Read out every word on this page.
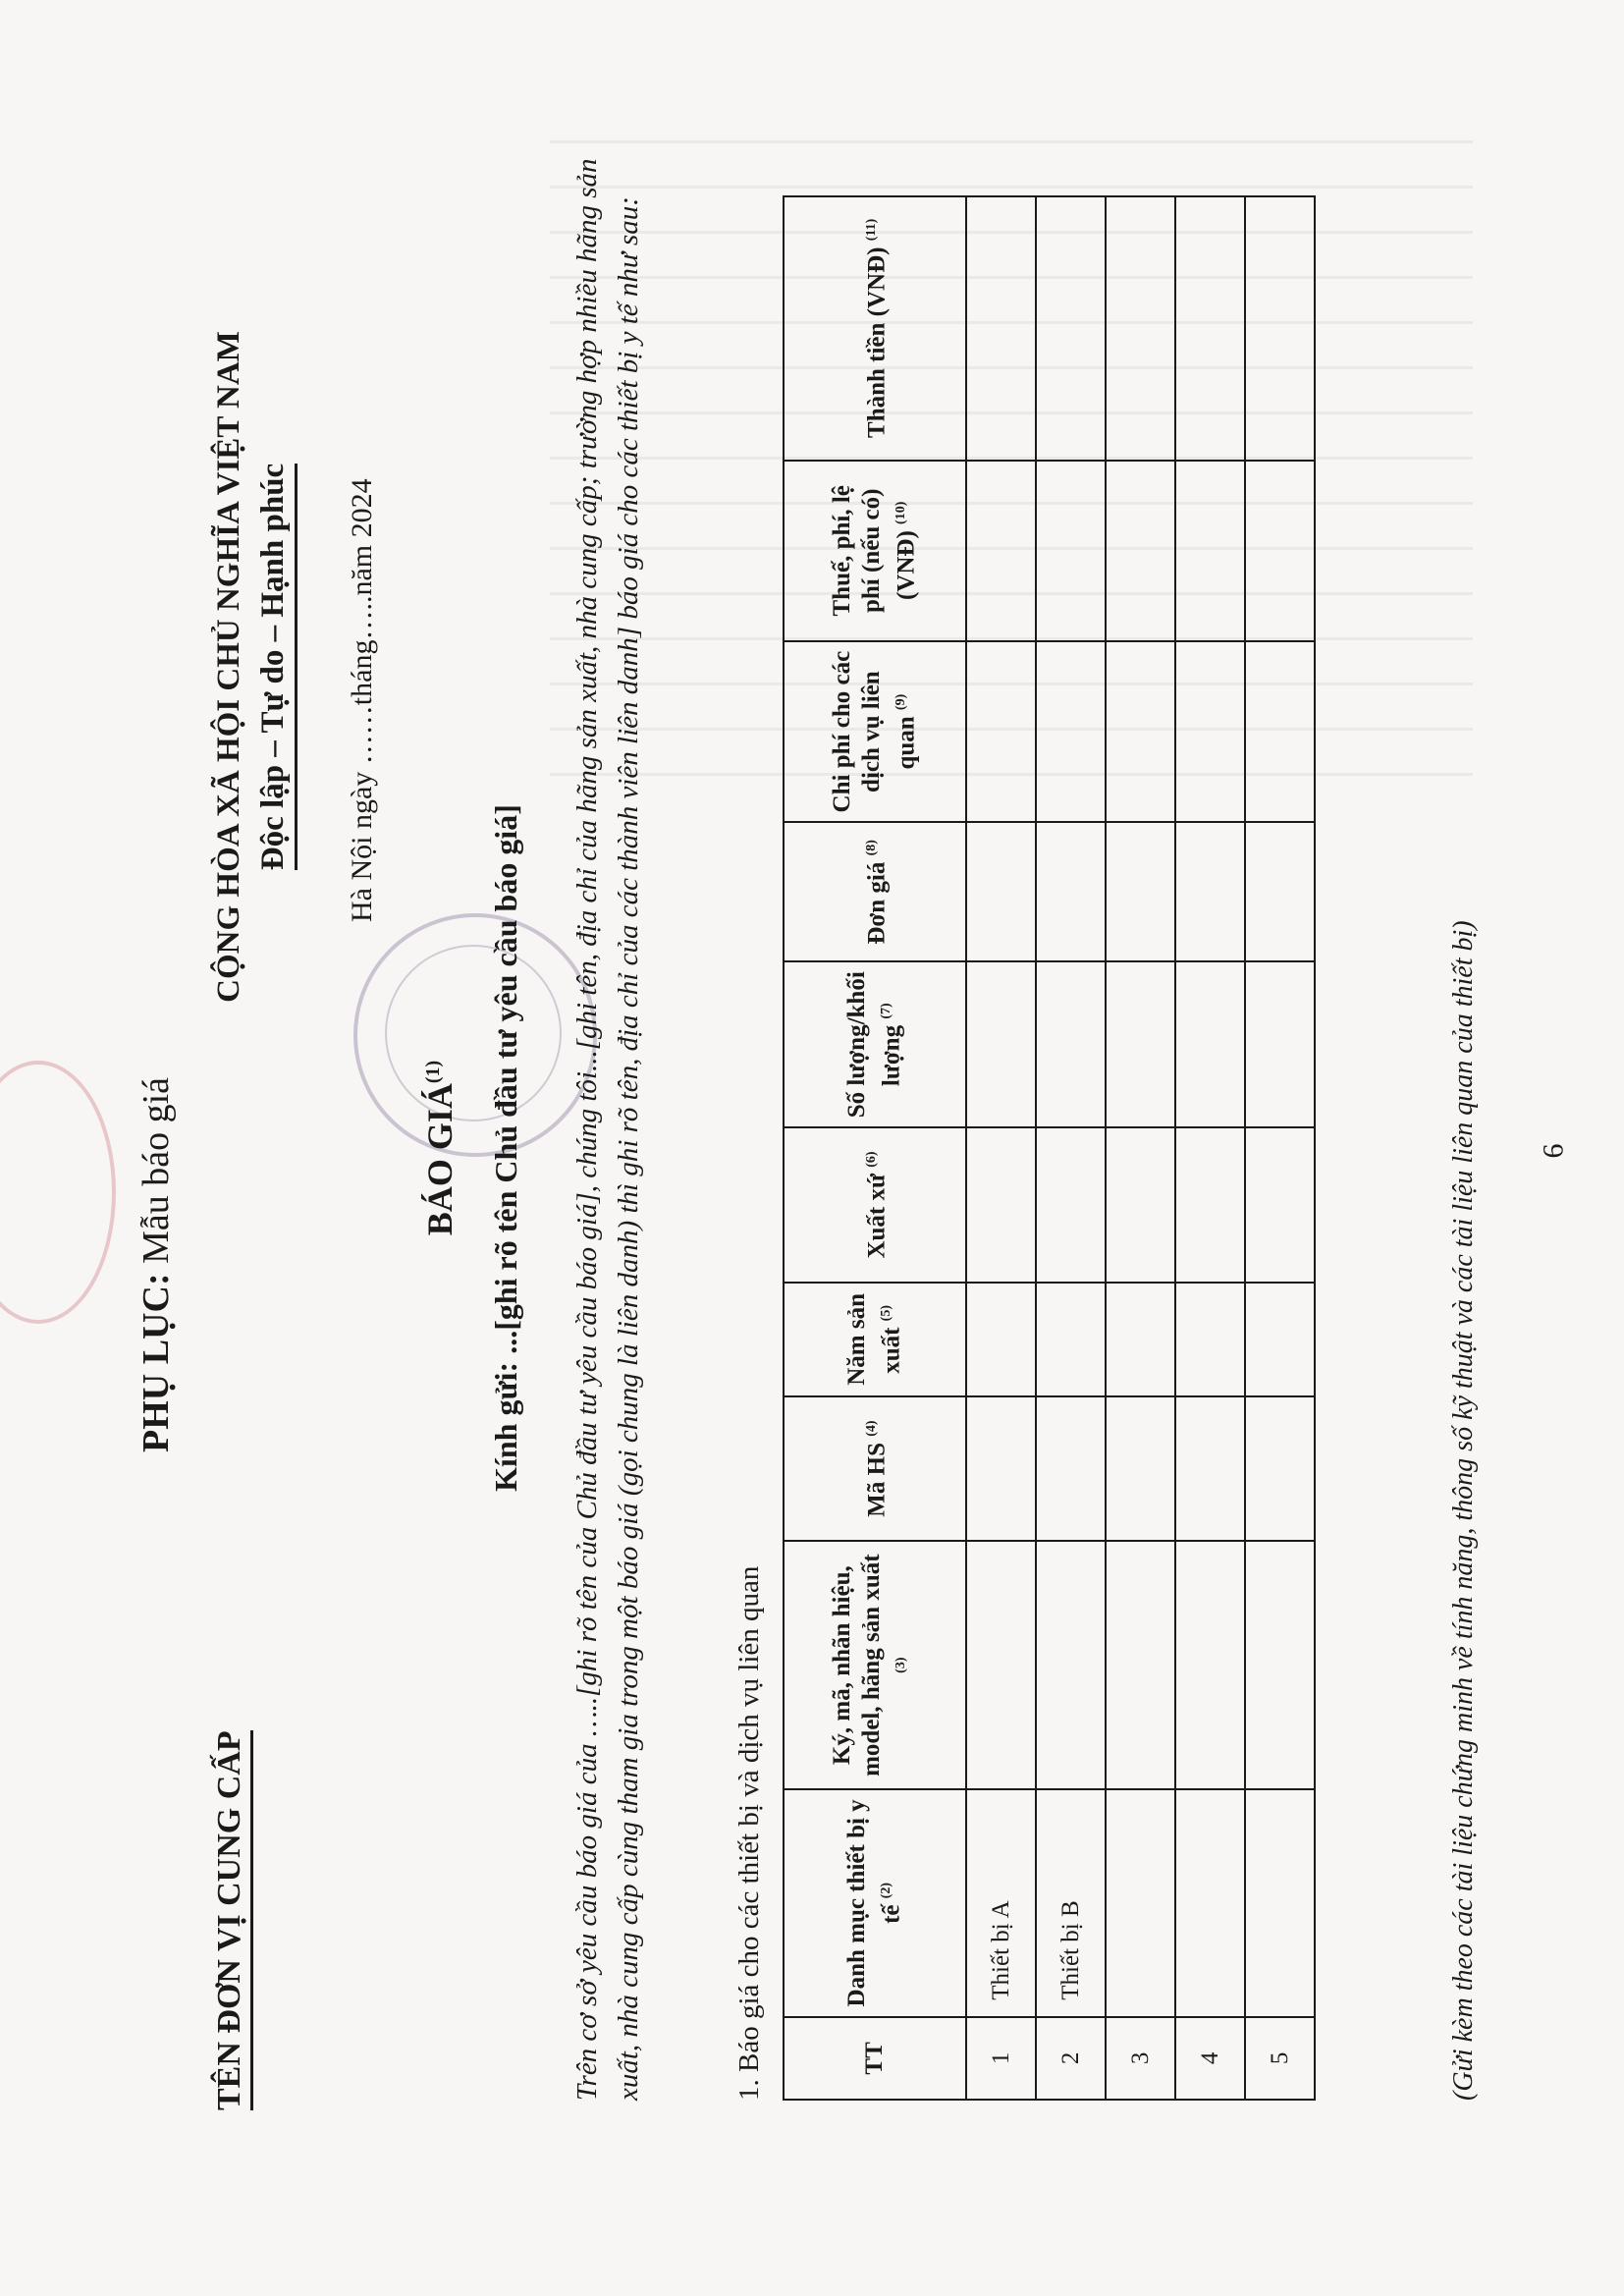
PHỤ LỤC: Mẫu báo giá
TÊN ĐƠN VỊ CUNG CẤP
CỘNG HÒA XÃ HỘI CHỦ NGHĨA VIỆT NAM Độc lập – Tự do – Hạnh phúc Hà Nội ngày ……tháng…..năm 2024
BÁO GIÁ$^{(1)}$	Kính gửi: ...[ghi rõ tên Chủ đầu tư yêu cầu báo giá] Trên cơ sở yêu cầu báo giá của …..[ghi rõ tên của Chủ đầu tư yêu cầu báo giá], chúng tôi...[ghi tên, địa chỉ của hãng sản xuất, nhà cung cấp; trường hợp nhiều hãng sản xuất, nhà cung cấp cùng tham gia trong một báo giá (gọi chung là liên danh) thì ghi rõ tên, địa chỉ của các thành viên liên danh] báo giá cho các thiết bị y tế như sau:	1. Báo giá cho các thiết bị và dịch vụ liên quan	TT	Danh mục thiết bị y tế $^{(2)}$	Ký, mã, nhãn hiệu, model, hãng sản xuất $^{(3)}$	Mã HS $^{(4)}$	Năm sản xuất $^{(5)}$	Xuất xứ $^{(6)}$	Số lượng/khối lượng $^{(7)}$	Đơn giá $^{(8)}$	Chi phí cho các dịch vụ liên quan $^{(9)}$	Thuế, phí, lệ phí (nếu có) (VNĐ) $^{(10)}$	Thành tiền (VNĐ) $^{(11)}$
1	Thiết bị A									
2	Thiết bị B									
3										
4										
5											(Gửi kèm theo các tài liệu chứng minh về tính năng, thông số kỹ thuật và các tài liệu liên quan của thiết bị) 6
